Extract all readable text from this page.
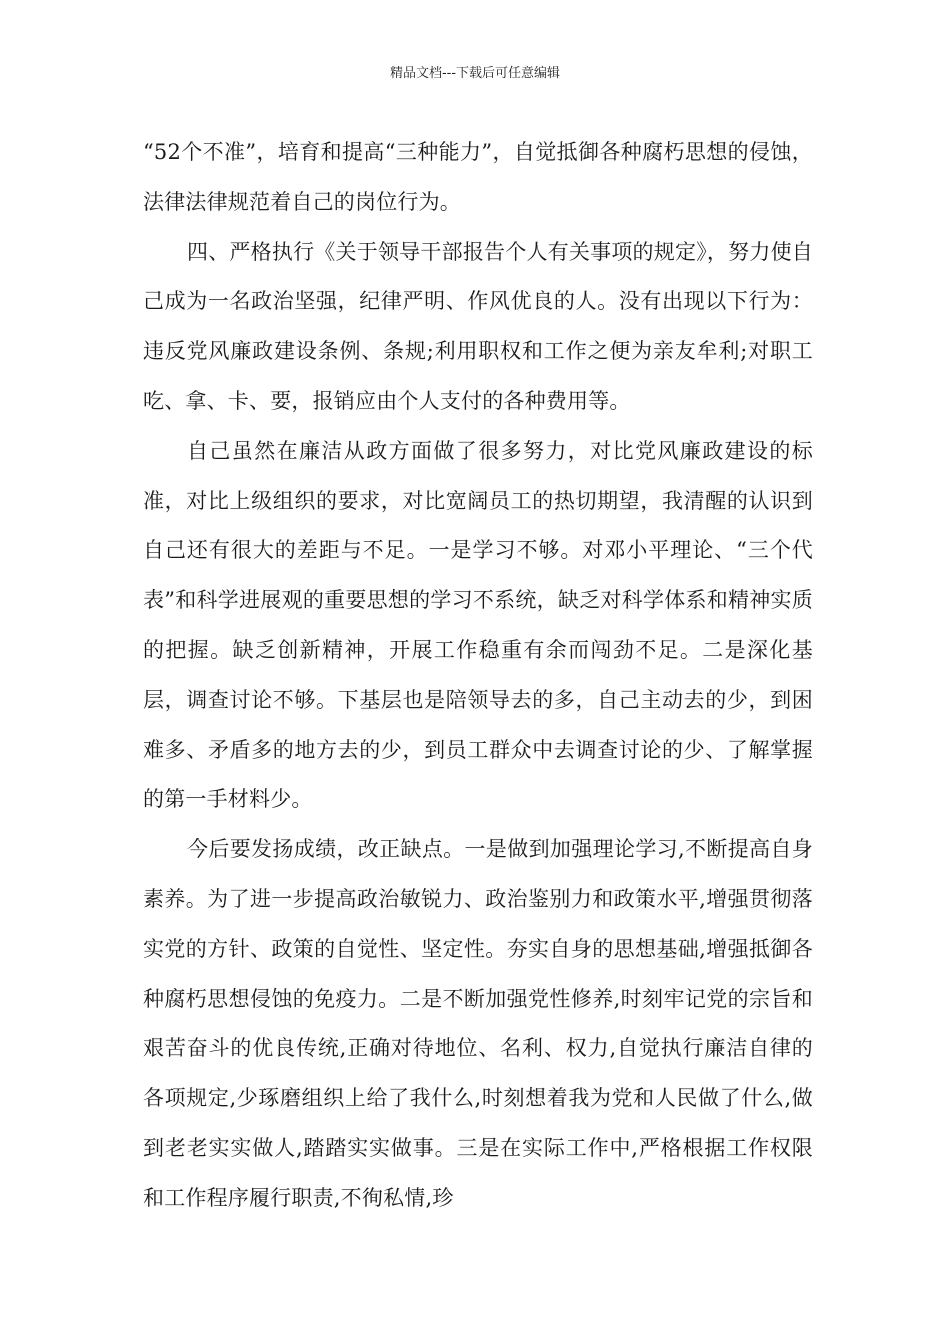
精品文档---下载后可任意编辑

“52个不准”，培育和提高“三种能力”，自觉抵御各种腐朽思想的侵蚀，法律法律规范着自己的岗位行为。

四、严格执行《关于领导干部报告个人有关事项的规定》，努力使自己成为一名政治坚强，纪律严明、作风优良的人。没有出现以下行为：违反党风廉政建设条例、条规;利用职权和工作之便为亲友牟利;对职工吃、拿、卡、要，报销应由个人支付的各种费用等。

自己虽然在廉洁从政方面做了很多努力，对比党风廉政建设的标准，对比上级组织的要求，对比宽阔员工的热切期望，我清醒的认识到自己还有很大的差距与不足。一是学习不够。对邓小平理论、“三个代表”和科学进展观的重要思想的学习不系统，缺乏对科学体系和精神实质的把握。缺乏创新精神，开展工作稳重有余而闯劲不足。二是深化基层，调查讨论不够。下基层也是陪领导去的多，自己主动去的少，到困难多、矛盾多的地方去的少，到员工群众中去调查讨论的少、了解掌握的第一手材料少。

今后要发扬成绩，改正缺点。一是做到加强理论学习,不断提高自身素养。为了进一步提高政治敏锐力、政治鉴别力和政策水平,增强贯彻落实党的方针、政策的自觉性、坚定性。夯实自身的思想基础,增强抵御各种腐朽思想侵蚀的免疫力。二是不断加强党性修养,时刻牢记党的宗旨和艰苦奋斗的优良传统,正确对待地位、名利、权力,自觉执行廉洁自律的各项规定,少琢磨组织上给了我什么,时刻想着我为党和人民做了什么,做到老老实实做人,踏踏实实做事。三是在实际工作中,严格根据工作权限和工作程序履行职责,不徇私情,珍
